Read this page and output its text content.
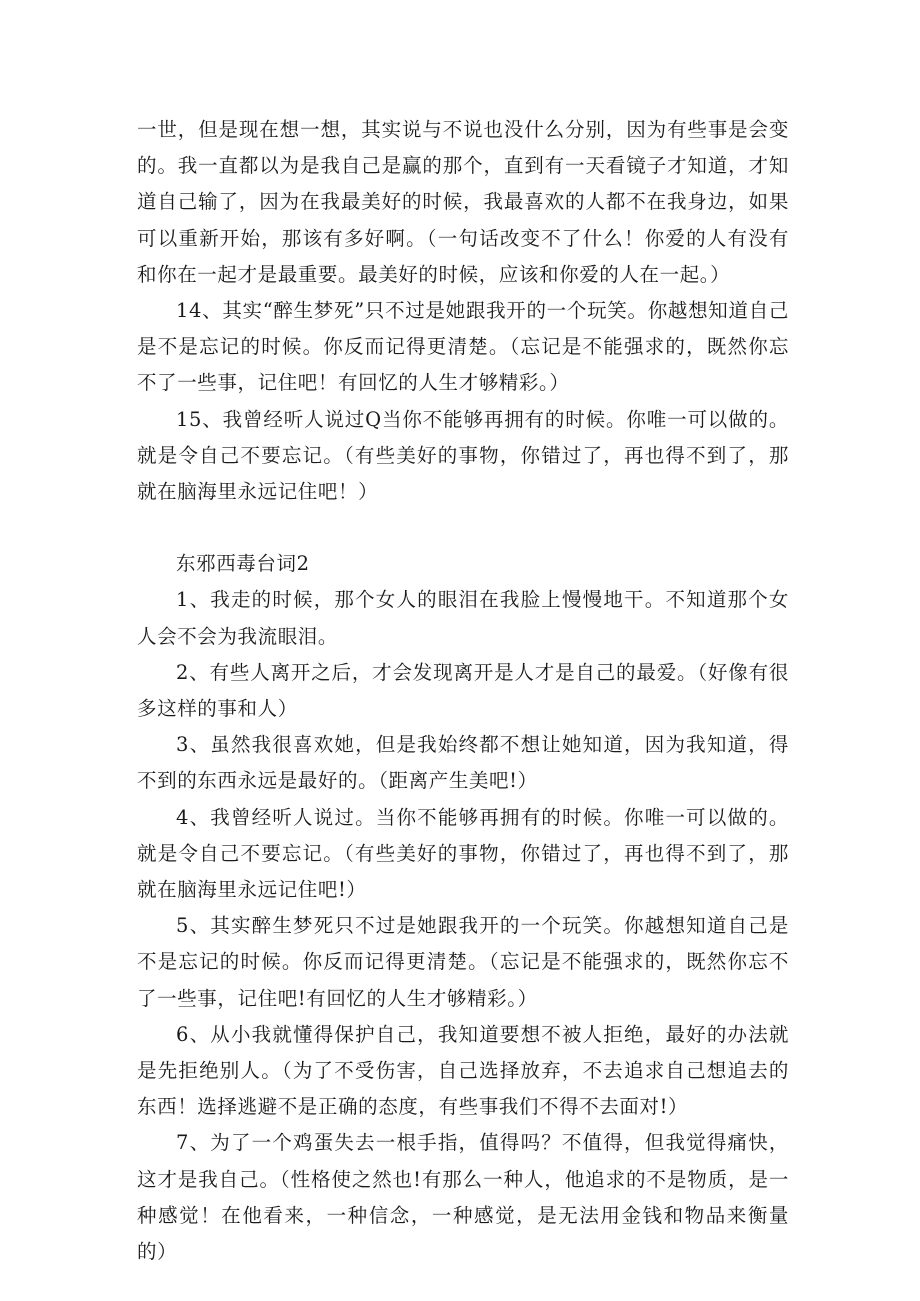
一世，但是现在想一想，其实说与不说也没什么分别，因为有些事是会变的。我一直都以为是我自己是赢的那个，直到有一天看镜子才知道，才知道自己输了，因为在我最美好的时候，我最喜欢的人都不在我身边，如果可以重新开始，那该有多好啊。（一句话改变不了什么！你爱的人有没有和你在一起才是最重要。最美好的时候，应该和你爱的人在一起。）

14、其实“醉生梦死”只不过是她跟我开的一个玩笑。你越想知道自己是不是忘记的时候。你反而记得更清楚。（忘记是不能强求的，既然你忘不了一些事，记住吧！有回忆的人生才够精彩。）

15、我曾经听人说过Q当你不能够再拥有的时候。你唯一可以做的。就是令自己不要忘记。（有些美好的事物，你错过了，再也得不到了，那就在脑海里永远记住吧！）

东邪西毒台词2

1、我走的时候，那个女人的眼泪在我脸上慢慢地干。不知道那个女人会不会为我流眼泪。

2、有些人离开之后，才会发现离开是人才是自己的最爱。（好像有很多这样的事和人）

3、虽然我很喜欢她，但是我始终都不想让她知道，因为我知道，得不到的东西永远是最好的。（距离产生美吧!）

4、我曾经听人说过。当你不能够再拥有的时候。你唯一可以做的。就是令自己不要忘记。（有些美好的事物，你错过了，再也得不到了，那就在脑海里永远记住吧!）

5、其实醉生梦死只不过是她跟我开的一个玩笑。你越想知道自己是不是忘记的时候。你反而记得更清楚。（忘记是不能强求的，既然你忘不了一些事，记住吧!有回忆的人生才够精彩。）

6、从小我就懂得保护自己，我知道要想不被人拒绝，最好的办法就是先拒绝别人。（为了不受伤害，自己选择放弃，不去追求自己想追去的东西！选择逃避不是正确的态度，有些事我们不得不去面对!）

7、为了一个鸡蛋失去一根手指，值得吗？不值得，但我觉得痛快，这才是我自己。（性格使之然也!有那么一种人，他追求的不是物质，是一种感觉！在他看来，一种信念，一种感觉，是无法用金钱和物品来衡量的）
